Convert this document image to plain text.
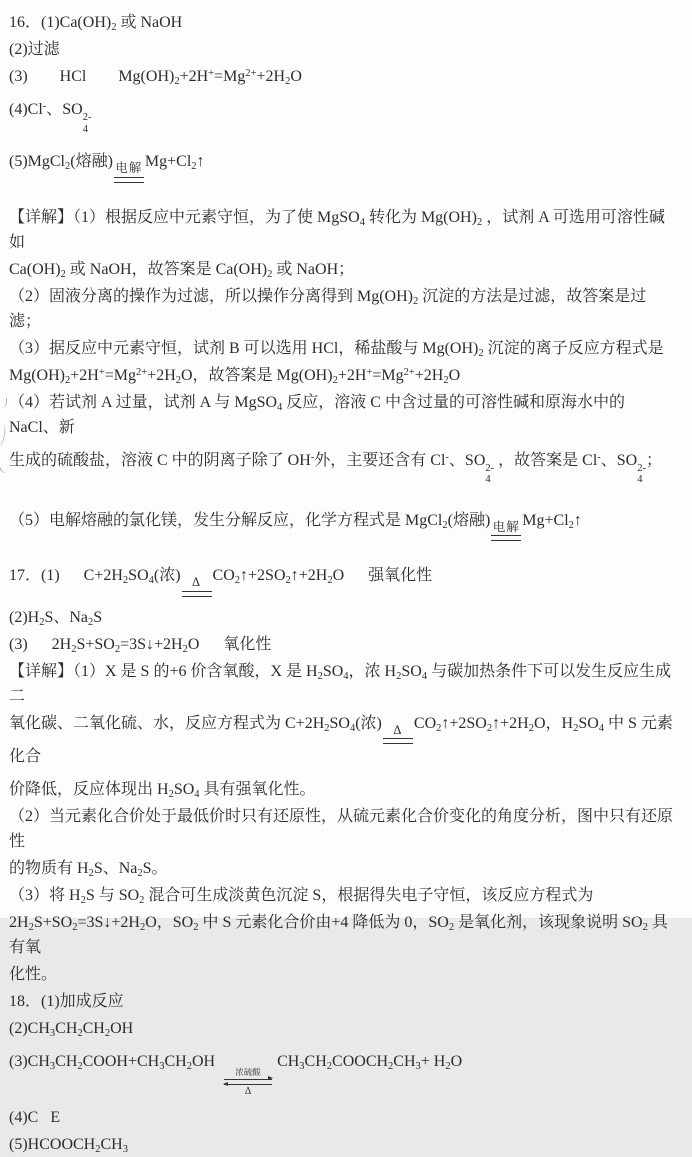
16．$(1)Ca(OH)_2$ 或 NaOH

(2)过滤

(3)        HCl        $Mg(OH)_2+2H^+=Mg^{2+}+2H_2O$

(4)Cl-、SO 2-
4

(5)MgCl$_2$(熔融) 电解 $Mg+Cl_2↑$

【详解】（1）根据反应中元素守恒，为了使 MgSO$_4$ 转化为 $Mg(OH)_2$ ，试剂 A 可选用可溶性碱如

$Ca(OH)_2$ 或 NaOH，故答案是 $Ca(OH)_2$ 或 NaOH；

（2）固液分离的操作为过滤，所以操作分离得到 $Mg(OH)_2$ 沉淀的方法是过滤，故答案是过滤；

（3）据反应中元素守恒，试剂 B 可以选用 HCl，稀盐酸与 $Mg(OH)_2$ 沉淀的离子反应方程式是

$Mg(OH)_2+2H^+=Mg^{2+}+2H_2O$，故答案是 $Mg(OH)_2+2H^+=Mg^{2+}+2H_2O$

（4）若试剂 A 过量，试剂 A 与 MgSO$_4$ 反应，溶液 C 中含过量的可溶性碱和原海水中的 NaCl、新

生成的硫酸盐，溶液 C 中的阴离子除了 OH-外，主要还含有 Cl-、SO 2-
4
，故答案是 Cl-、SO 2-
4
；

（5）电解熔融的氯化镁，发生分解反应，化学方程式是 MgCl$_2$(熔融) 电解 $Mg+Cl_2↑$

17．(1)      $C+2H_2SO_4$(浓) Δ $CO_2↑+2SO_2↑+2H_2O$      强氧化性

$(2)H_2S$、$Na_2S$

(3)      $2H_2S+SO_2=3S↓+2H_2O$      氧化性

【详解】（1）X 是 S 的+6 价含氧酸，X 是 $H_2SO_4$，浓 $H_2SO_4$ 与碳加热条件下可以发生反应生成二

氧化碳、二氧化硫、水，反应方程式为 $C+2H_2SO_4$(浓) Δ $CO_2↑+2SO_2↑+2H_2O$，$H_2SO_4$ 中 S 元素化合

价降低，反应体现出 $H_2SO_4$ 具有强氧化性。

（2）当元素化合价处于最低价时只有还原性，从硫元素化合价变化的角度分析，图中只有还原性

的物质有 $H_2S$、$Na_2S$。

（3）将 $H_2S$ 与 $SO_2$ 混合可生成淡黄色沉淀 S，根据得失电子守恒，该反应方程式为

$2H_2S+SO_2=3S↓+2H_2O$，$SO_2$ 中 S 元素化合价由+4 降低为 0，$SO_2$ 是氧化剂，该现象说明 $SO_2$ 具有氧

化性。

18．(1)加成反应

$(2)CH_3CH_2CH_2OH$

$(3)CH_3CH_2COOH+CH_3CH_2OH$
浓硫酸
Δ
$CH_3CH_2COOCH_2CH_3+ H_2O$

(4)C   E

$(5)HCOOCH_2CH_3$
